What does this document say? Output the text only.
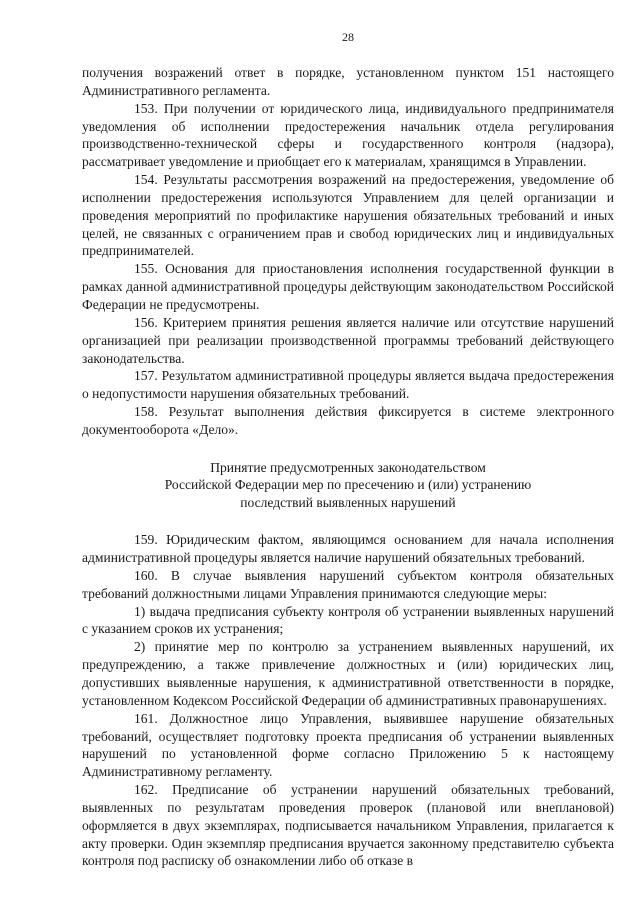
28

получения возражений ответ в порядке, установленном пунктом 151 настоящего Административного регламента.

153. При получении от юридического лица, индивидуального предпринимателя уведомления об исполнении предостережения начальник отдела регулирования производственно-технической сферы и государственного контроля (надзора), рассматривает уведомление и приобщает его к материалам, хранящимся в Управлении.

154. Результаты рассмотрения возражений на предостережения, уведомление об исполнении предостережения используются Управлением для целей организации и проведения мероприятий по профилактике нарушения обязательных требований и иных целей, не связанных с ограничением прав и свобод юридических лиц и индивидуальных предпринимателей.

155. Основания для приостановления исполнения государственной функции в рамках данной административной процедуры действующим законодательством Российской Федерации не предусмотрены.

156. Критерием принятия решения является наличие или отсутствие нарушений организацией при реализации производственной программы требований действующего законодательства.

157. Результатом административной процедуры является выдача предостережения о недопустимости нарушения обязательных требований.

158. Результат выполнения действия фиксируется в системе электронного документооборота «Дело».

Принятие предусмотренных законодательством
Российской Федерации мер по пресечению и (или) устранению
последствий выявленных нарушений

159. Юридическим фактом, являющимся основанием для начала исполнения административной процедуры является наличие нарушений обязательных требований.

160. В случае выявления нарушений субъектом контроля обязательных требований должностными лицами Управления принимаются следующие меры:

1) выдача предписания субъекту контроля об устранении выявленных нарушений с указанием сроков их устранения;

2) принятие мер по контролю за устранением выявленных нарушений, их предупреждению, а также привлечение должностных и (или) юридических лиц, допустивших выявленные нарушения, к административной ответственности в порядке, установленном Кодексом Российской Федерации об административных правонарушениях.

161. Должностное лицо Управления, выявившее нарушение обязательных требований, осуществляет подготовку проекта предписания об устранении выявленных нарушений по установленной форме согласно Приложению 5 к настоящему Административному регламенту.

162. Предписание об устранении нарушений обязательных требований, выявленных по результатам проведения проверок (плановой или внеплановой) оформляется в двух экземплярах, подписывается начальником Управления, прилагается к акту проверки. Один экземпляр предписания вручается законному представителю субъекта контроля под расписку об ознакомлении либо об отказе в
